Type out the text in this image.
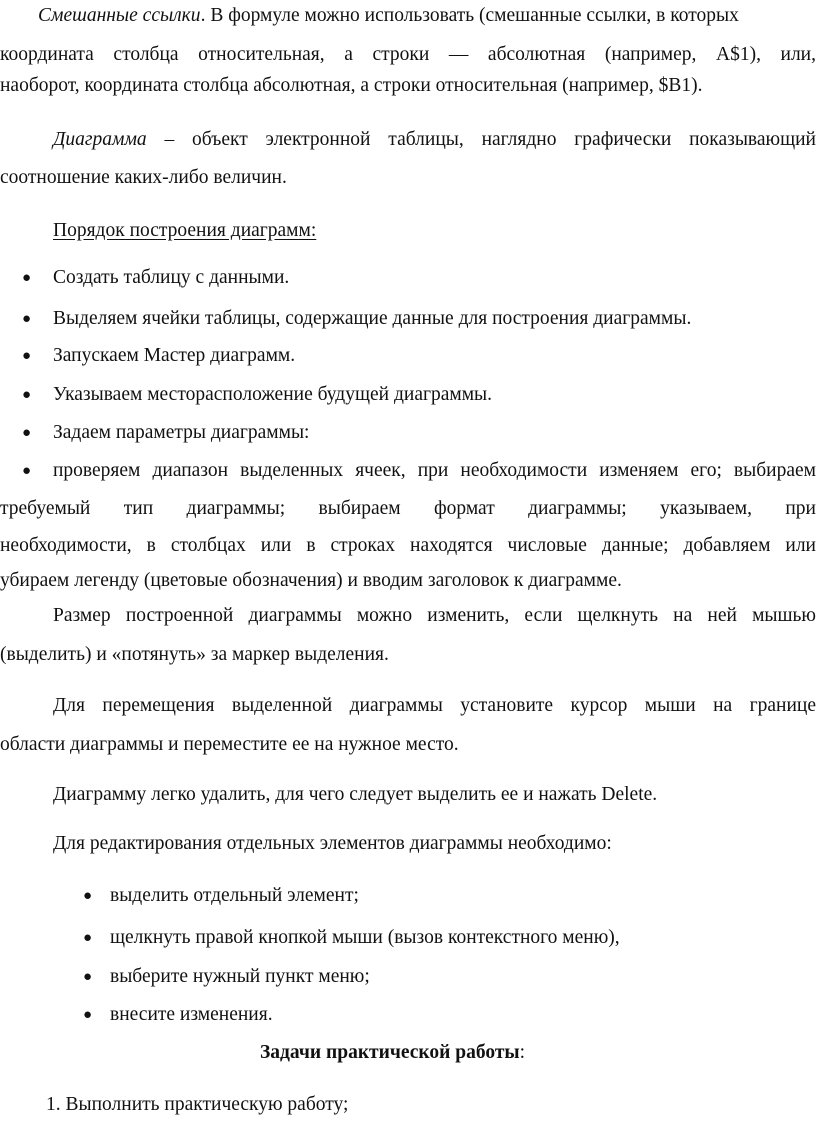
Смешанные ссылки. В формуле можно использовать (смешанные ссылки, в которых
координата столбца относительная, а строки — абсолютная (например, A$1), или,
наоборот, координата столбца абсолютная, а строки относительная (например, $B1).
Диаграмма – объект электронной таблицы, наглядно графически показывающий
соотношение каких-либо величин.
Порядок построения диаграмм:
● Создать таблицу с данными.
● Выделяем ячейки таблицы, содержащие данные для построения диаграммы.
● Запускаем Мастер диаграмм.
● Указываем месторасположение будущей диаграммы.
● Задаем параметры диаграммы:
● проверяем диапазон выделенных ячеек, при необходимости изменяем его; выбираем
требуемый тип диаграммы; выбираем формат диаграммы; указываем, при
необходимости, в столбцах или в строках находятся числовые данные; добавляем или
убираем легенду (цветовые обозначения) и вводим заголовок к диаграмме.
Размер построенной диаграммы можно изменить, если щелкнуть на ней мышью
(выделить) и «потянуть» за маркер выделения.
Для перемещения выделенной диаграммы установите курсор мыши на границе
области диаграммы и переместите ее на нужное место.
Диаграмму легко удалить, для чего следует выделить ее и нажать Delete.
Для редактирования отдельных элементов диаграммы необходимо:
● выделить отдельный элемент;
● щелкнуть правой кнопкой мыши (вызов контекстного меню),
● выберите нужный пункт меню;
● внесите изменения.
Задачи практической работы:
1. Выполнить практическую работу;
